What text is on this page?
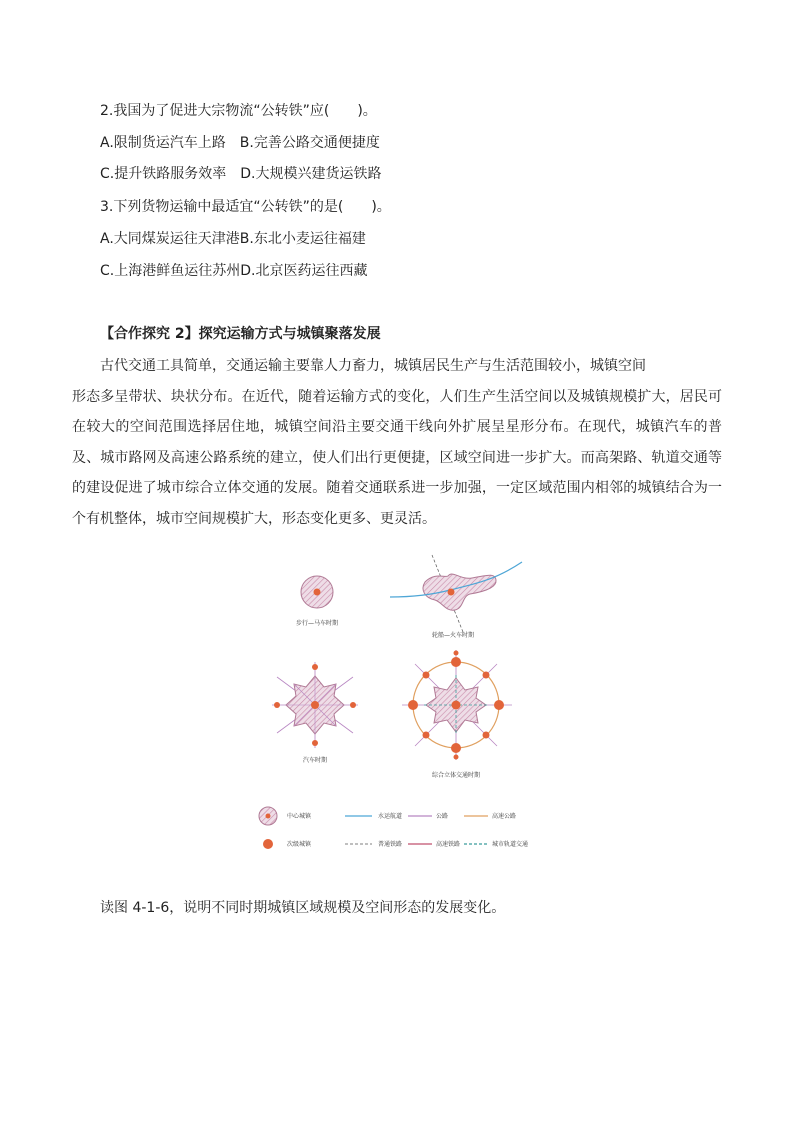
2.我国为了促进大宗物流“公转铁”应(　　)。
A.限制货运汽车上路　B.完善公路交通便捷度
C.提升铁路服务效率　D.大规模兴建货运铁路
3.下列货物运输中最适宜“公转铁”的是(　　)。
A.大同煤炭运往天津港B.东北小麦运往福建
C.上海港鲜鱼运往苏州D.北京医药运往西藏
【合作探究 2】探究运输方式与城镇聚落发展
古代交通工具简单，交通运输主要靠人力畜力，城镇居民生产与生活范围较小，城镇空间
形态多呈带状、块状分布。在近代，随着运输方式的变化，人们生产生活空间以及城镇规模扩大，居民可在较大的空间范围选择居住地，城镇空间沿主要交通干线向外扩展呈星形分布。在现代，城镇汽车的普及、城市路网及高速公路系统的建立，使人们出行更便捷，区域空间进一步扩大。而高架路、轨道交通等的建设促进了城市综合立体交通的发展。随着交通联系进一步加强，一定区域范围内相邻的城镇结合为一个有机整体，城市空间规模扩大，形态变化更多、更灵活。
步行—马车时期
轮船—火车时期
汽车时期
综合立体交通时期
中心城镇
次级城镇
水运航道
普通铁路
公路
高速铁路
高速公路
城市轨道交通
读图 4-1-6，说明不同时期城镇区域规模及空间形态的发展变化。
